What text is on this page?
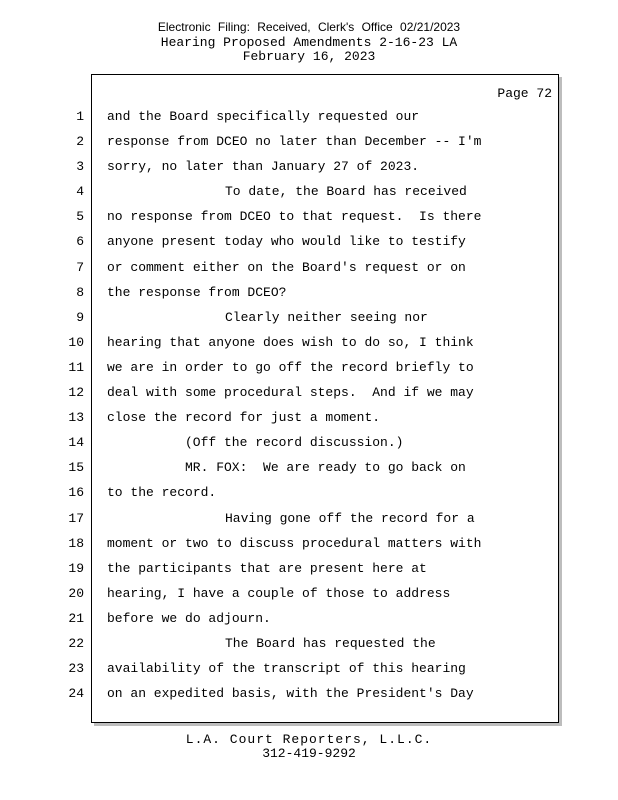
Electronic Filing: Received, Clerk's Office 02/21/2023
Hearing Proposed Amendments 2-16-23 LA
February 16, 2023
Page 72
1 and the Board specifically requested our
2 response from DCEO no later than December -- I'm
3 sorry, no later than January 27 of 2023.
4	To date, the Board has received
5 no response from DCEO to that request.  Is there
6 anyone present today who would like to testify
7 or comment either on the Board's request or on
8 the response from DCEO?
9	Clearly neither seeing nor
10 hearing that anyone does wish to do so, I think
11 we are in order to go off the record briefly to
12 deal with some procedural steps.  And if we may
13 close the record for just a moment.
14	(Off the record discussion.)
15	MR. FOX:  We are ready to go back on
16 to the record.
17	Having gone off the record for a
18 moment or two to discuss procedural matters with
19 the participants that are present here at
20 hearing, I have a couple of those to address
21 before we do adjourn.
22	The Board has requested the
23 availability of the transcript of this hearing
24 on an expedited basis, with the President's Day
L.A. Court Reporters, L.L.C.
312-419-9292
